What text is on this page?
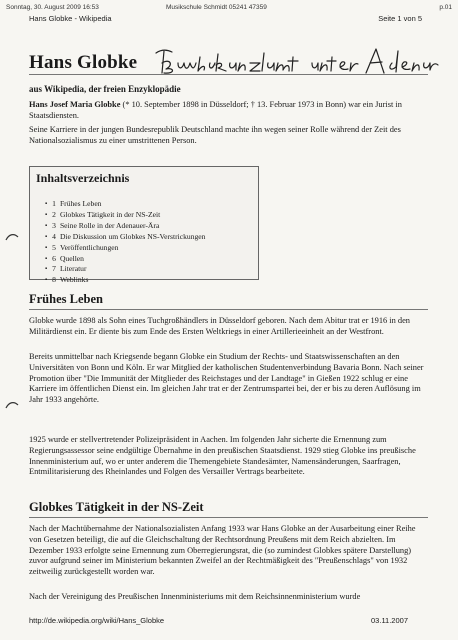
Sonntag, 30. August 2009 16:53	Musikschule Schmidt 05241 47359	p.01
Hans Globke - Wikipedia	Seite 1 von 5
Hans Globke
aus Wikipedia, der freien Enzyklopädie
Hans Josef Maria Globke (* 10. September 1898 in Düsseldorf; † 13. Februar 1973 in Bonn) war ein Jurist in Staatsdiensten.
Seine Karriere in der jungen Bundesrepublik Deutschland machte ihn wegen seiner Rolle während der Zeit des Nationalsozialismus zu einer umstrittenen Person.
Inhaltsverzeichnis
▪ 1 Frühes Leben
▪ 2 Globkes Tätigkeit in der NS-Zeit
▪ 3 Seine Rolle in der Adenauer-Ära
▪ 4 Die Diskussion um Globkes NS-Verstrickungen
▪ 5 Veröffentlichungen
▪ 6 Quellen
▪ 7 Literatur
▪ 8 Weblinks
Frühes Leben
Globke wurde 1898 als Sohn eines Tuchgroßhändlers in Düsseldorf geboren. Nach dem Abitur trat er 1916 in den Militärdienst ein. Er diente bis zum Ende des Ersten Weltkriegs in einer Artillerieeinheit an der Westfront.
Bereits unmittelbar nach Kriegsende begann Globke ein Studium der Rechts- und Staatswissenschaften an den Universitäten von Bonn und Köln. Er war Mitglied der katholischen Studentenverbindung Bavaria Bonn. Nach seiner Promotion über "Die Immunität der Mitglieder des Reichstages und der Landtage" in Gießen 1922 schlug er eine Karriere im öffentlichen Dienst ein. Im gleichen Jahr trat er der Zentrumspartei bei, der er bis zu deren Auflösung im Jahr 1933 angehörte.
1925 wurde er stellvertretender Polizeipräsident in Aachen. Im folgenden Jahr sicherte die Ernennung zum Regierungsassessor seine endgültige Übernahme in den preußischen Staatsdienst. 1929 stieg Globke ins preußische Innenministerium auf, wo er unter anderem die Themengebiete Standesämter, Namensänderungen, Saarfragen, Entmilitarisierung des Rheinlandes und Folgen des Versailler Vertrags bearbeitete.
Globkes Tätigkeit in der NS-Zeit
Nach der Machtübernahme der Nationalsozialisten Anfang 1933 war Hans Globke an der Ausarbeitung einer Reihe von Gesetzen beteiligt, die auf die Gleichschaltung der Rechtsordnung Preußens mit dem Reich abzielten. Im Dezember 1933 erfolgte seine Ernennung zum Oberregierungsrat, die (so zumindest Globkes spätere Darstellung) zuvor aufgrund seiner im Ministerium bekannten Zweifel an der Rechtmäßigkeit des "Preußenschlags" von 1932 zeitweilig zurückgestellt worden war.
Nach der Vereinigung des Preußischen Innenministeriums mit dem Reichsinnenministerium wurde
http://de.wikipedia.org/wiki/Hans_Globke	03.11.2007
